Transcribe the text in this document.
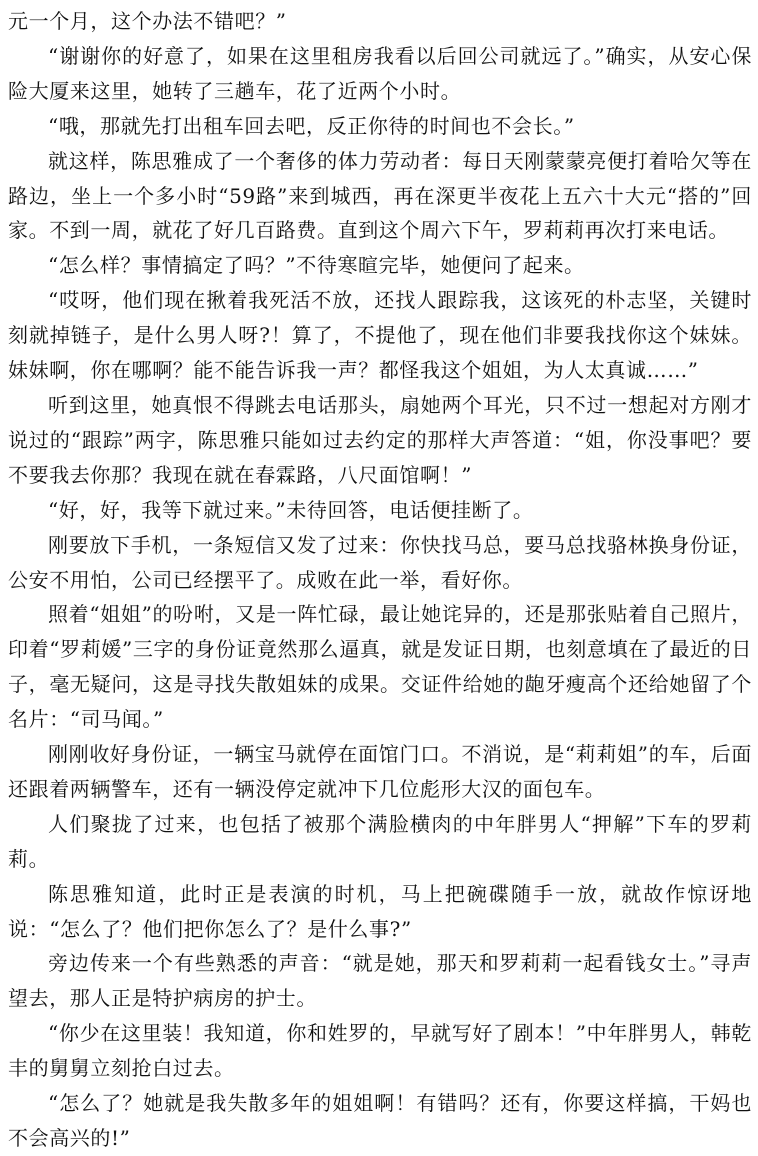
元一个月，这个办法不错吧？”

“谢谢你的好意了，如果在这里租房我看以后回公司就远了。”确实，从安心保险大厦来这里，她转了三趟车，花了近两个小时。

“哦，那就先打出租车回去吧，反正你待的时间也不会长。”

就这样，陈思雅成了一个奢侈的体力劳动者：每日天刚蒙蒙亮便打着哈欠等在路边，坐上一个多小时“59路”来到城西，再在深更半夜花上五六十大元“搭的”回家。不到一周，就花了好几百路费。直到这个周六下午，罗莉莉再次打来电话。

“怎么样？事情搞定了吗？”不待寒暄完毕，她便问了起来。

“哎呀，他们现在揪着我死活不放，还找人跟踪我，这该死的朴志坚，关键时刻就掉链子，是什么男人呀?！算了，不提他了，现在他们非要我找你这个妹妹。妹妹啊，你在哪啊？能不能告诉我一声？都怪我这个姐姐，为人太真诚……”

听到这里，她真恨不得跳去电话那头，扇她两个耳光，只不过一想起对方刚才说过的“跟踪”两字，陈思雅只能如过去约定的那样大声答道：“姐，你没事吧？要不要我去你那？我现在就在春霖路，八尺面馆啊！”

“好，好，我等下就过来。”未待回答，电话便挂断了。

刚要放下手机，一条短信又发了过来：你快找马总，要马总找骆林换身份证，公安不用怕，公司已经摆平了。成败在此一举，看好你。

照着“姐姐”的吩咐，又是一阵忙碌，最让她诧异的，还是那张贴着自己照片，印着“罗莉媛”三字的身份证竟然那么逼真，就是发证日期，也刻意填在了最近的日子，毫无疑问，这是寻找失散姐妹的成果。交证件给她的龅牙瘦高个还给她留了个名片：“司马闻。”

刚刚收好身份证，一辆宝马就停在面馆门口。不消说，是“莉莉姐”的车，后面还跟着两辆警车，还有一辆没停定就冲下几位彪形大汉的面包车。

人们聚拢了过来，也包括了被那个满脸横肉的中年胖男人“押解”下车的罗莉莉。

陈思雅知道，此时正是表演的时机，马上把碗碟随手一放，就故作惊讶地说：“怎么了？他们把你怎么了？是什么事?”

旁边传来一个有些熟悉的声音：“就是她，那天和罗莉莉一起看钱女士。”寻声望去，那人正是特护病房的护士。

“你少在这里装！我知道，你和姓罗的，早就写好了剧本！”中年胖男人，韩乾丰的舅舅立刻抢白过去。

“怎么了？她就是我失散多年的姐姐啊！有错吗？还有，你要这样搞，干妈也不会高兴的!”
